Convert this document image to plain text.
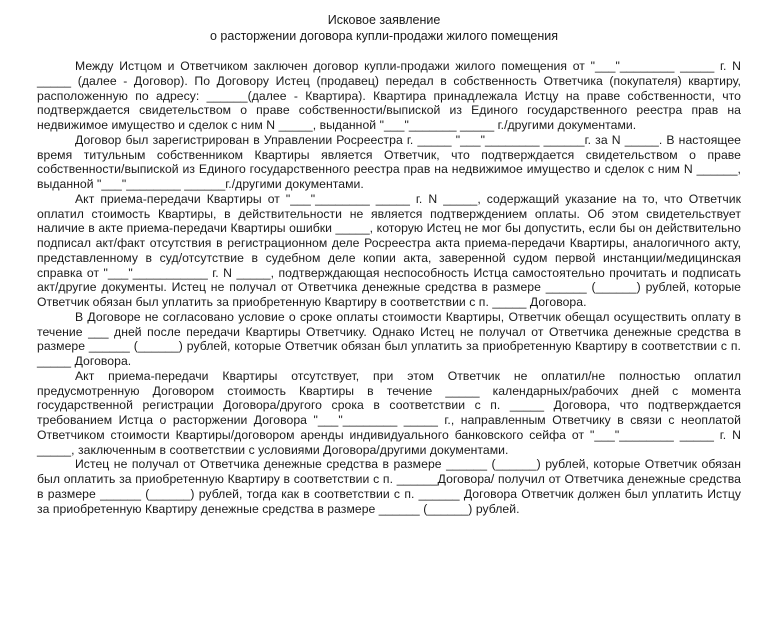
Исковое заявление
о расторжении договора купли-продажи жилого помещения

Между Истцом и Ответчиком заключен договор купли-продажи жилого помещения от "___"________ _____ г. N _____ (далее - Договор). По Договору Истец (продавец) передал в собственность Ответчика (покупателя) квартиру, расположенную по адресу: ______(далее - Квартира). Квартира принадлежала Истцу на праве собственности, что подтверждается свидетельством о праве собственности/выпиской из Единого государственного реестра прав на недвижимое имущество и сделок с ним N _____, выданной "___"_______ _____ г./другими документами.

Договор был зарегистрирован в Управлении Росреестра г. _____ "___"________ ______г. за N _____. В настоящее время титульным собственником Квартиры является Ответчик, что подтверждается свидетельством о праве собственности/выпиской из Единого государственного реестра прав на недвижимое имущество и сделок с ним N ______, выданной "___"________ ______г./другими документами.

Акт приема-передачи Квартиры от "___"________ _____ г. N _____, содержащий указание на то, что Ответчик оплатил стоимость Квартиры, в действительности не является подтверждением оплаты. Об этом свидетельствует наличие в акте приема-передачи Квартиры ошибки _____, которую Истец не мог бы допустить, если бы он действительно подписал акт/факт отсутствия в регистрационном деле Росреестра акта приема-передачи Квартиры, аналогичного акту, представленному в суд/отсутствие в судебном деле копии акта, заверенной судом первой инстанции/медицинская справка от "___"___________ г. N _____, подтверждающая неспособность Истца самостоятельно прочитать и подписать акт/другие документы. Истец не получал от Ответчика денежные средства в размере ______ (______) рублей, которые Ответчик обязан был уплатить за приобретенную Квартиру в соответствии с п. _____ Договора.

В Договоре не согласовано условие о сроке оплаты стоимости Квартиры, Ответчик обещал осуществить оплату в течение ___ дней после передачи Квартиры Ответчику. Однако Истец не получал от Ответчика денежные средства в размере ______ (______) рублей, которые Ответчик обязан был уплатить за приобретенную Квартиру в соответствии с п. _____ Договора.

Акт приема-передачи Квартиры отсутствует, при этом Ответчик не оплатил/не полностью оплатил предусмотренную Договором стоимость Квартиры в течение _____ календарных/рабочих дней с момента государственной регистрации Договора/другого срока в соответствии с п. _____ Договора, что подтверждается требованием Истца о расторжении Договора "___"________ _____ г., направленным Ответчику в связи с неоплатой Ответчиком стоимости Квартиры/договором аренды индивидуального банковского сейфа от "___"________ _____ г. N _____, заключенным в соответствии с условиями Договора/другими документами.

Истец не получал от Ответчика денежные средства в размере ______ (______) рублей, которые Ответчик обязан был оплатить за приобретенную Квартиру в соответствии с п. ______Договора/ получил от Ответчика денежные средства в размере ______ (______) рублей, тогда как в соответствии с п. ______ Договора Ответчик должен был уплатить Истцу за приобретенную Квартиру денежные средства в размере ______ (______) рублей.
